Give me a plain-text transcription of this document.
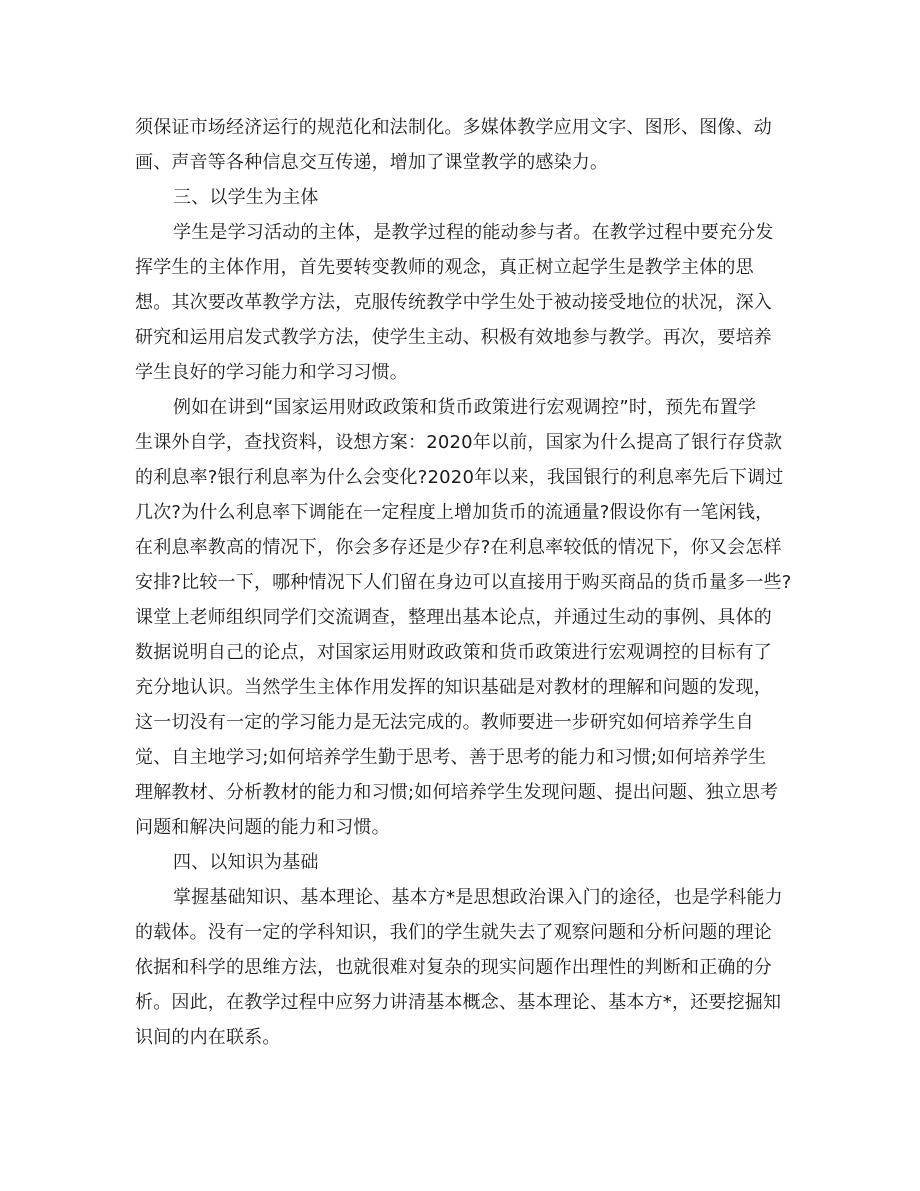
须保证市场经济运行的规范化和法制化。多媒体教学应用文字、图形、图像、动
画、声音等各种信息交互传递，增加了课堂教学的感染力。
三、以学生为主体
学生是学习活动的主体，是教学过程的能动参与者。在教学过程中要充分发
挥学生的主体作用，首先要转变教师的观念，真正树立起学生是教学主体的思
想。其次要改革教学方法，克服传统教学中学生处于被动接受地位的状况，深入
研究和运用启发式教学方法，使学生主动、积极有效地参与教学。再次，要培养
学生良好的学习能力和学习习惯。
例如在讲到“国家运用财政政策和货币政策进行宏观调控”时，预先布置学
生课外自学，查找资料，设想方案：2020年以前，国家为什么提高了银行存贷款
的利息率?银行利息率为什么会变化?2020年以来，我国银行的利息率先后下调过
几次?为什么利息率下调能在一定程度上增加货币的流通量?假设你有一笔闲钱，
在利息率教高的情况下，你会多存还是少存?在利息率较低的情况下，你又会怎样
安排?比较一下，哪种情况下人们留在身边可以直接用于购买商品的货币量多一些?
课堂上老师组织同学们交流调查，整理出基本论点，并通过生动的事例、具体的
数据说明自己的论点，对国家运用财政政策和货币政策进行宏观调控的目标有了
充分地认识。当然学生主体作用发挥的知识基础是对教材的理解和问题的发现，
这一切没有一定的学习能力是无法完成的。教师要进一步研究如何培养学生自
觉、自主地学习;如何培养学生勤于思考、善于思考的能力和习惯;如何培养学生
理解教材、分析教材的能力和习惯;如何培养学生发现问题、提出问题、独立思考
问题和解决问题的能力和习惯。
四、以知识为基础
掌握基础知识、基本理论、基本方*是思想政治课入门的途径，也是学科能力
的载体。没有一定的学科知识，我们的学生就失去了观察问题和分析问题的理论
依据和科学的思维方法，也就很难对复杂的现实问题作出理性的判断和正确的分
析。因此，在教学过程中应努力讲清基本概念、基本理论、基本方*，还要挖掘知
识间的内在联系。
